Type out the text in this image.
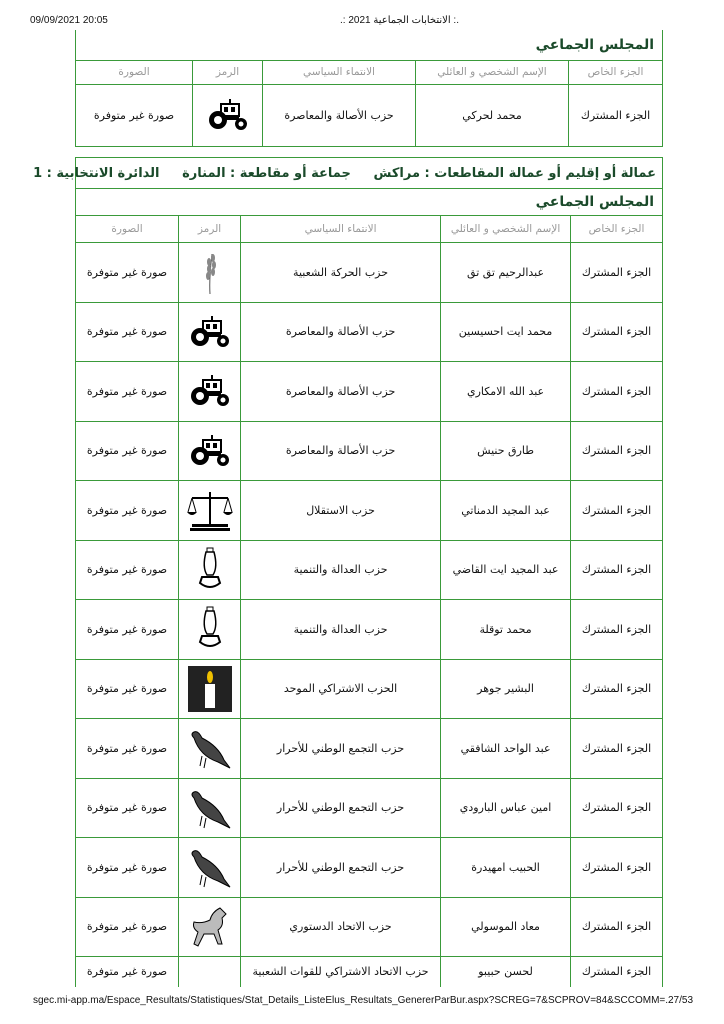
09/09/2021 20:05	.: الانتخابات الجماعية 2021 :.
المجلس الجماعي				
الجزء الخاص	الإسم الشخصي و العائلي	الانتماء السياسي	الرمز	الصورة
الجزء المشترك	محمد لحركي	حزب الأصالة والمعاصرة		صورة غير متوفرة
عمالة أو إقليم أو عمالة المقاطعات : مراكش     جماعة أو مقاطعة : المنارة     الدائرة الانتخابية : 1				
المجلس الجماعي				
الجزء الخاص	الإسم الشخصي و العائلي	الانتماء السياسي	الرمز	الصورة
الجزء المشترك	عبدالرحيم تق تق	حزب الحركة الشعبية		صورة غير متوفرة
الجزء المشترك	محمد ايت احسيسين	حزب الأصالة والمعاصرة		صورة غير متوفرة
الجزء المشترك	عبد الله الامكاري	حزب الأصالة والمعاصرة		صورة غير متوفرة
الجزء المشترك	طارق حنيش	حزب الأصالة والمعاصرة		صورة غير متوفرة
الجزء المشترك	عبد المجيد الدمناتي	حزب الاستقلال		صورة غير متوفرة
الجزء المشترك	عبد المجيد ايت القاضي	حزب العدالة والتنمية		صورة غير متوفرة
الجزء المشترك	محمد توقلة	حزب العدالة والتنمية		صورة غير متوفرة
الجزء المشترك	البشير جوهر	الحزب الاشتراكي الموحد		صورة غير متوفرة
الجزء المشترك	عبد الواحد الشافقي	حزب التجمع الوطني للأحرار		صورة غير متوفرة
الجزء المشترك	امين عباس البارودي	حزب التجمع الوطني للأحرار		صورة غير متوفرة
الجزء المشترك	الحبيب امهيدرة	حزب التجمع الوطني للأحرار		صورة غير متوفرة
الجزء المشترك	معاد الموسولي	حزب الاتحاد الدستوري		صورة غير متوفرة
الجزء المشترك	لحسن حبيبو	حزب الاتحاد الاشتراكي للقوات الشعبية		صورة غير متوفرة
sgec.mi-app.ma/Espace_Resultats/Statistiques/Stat_Details_ListeElus_Resultats_GenererParBur.aspx?SCREG=7&SCPROV=84&SCCOMM=...
27/53
